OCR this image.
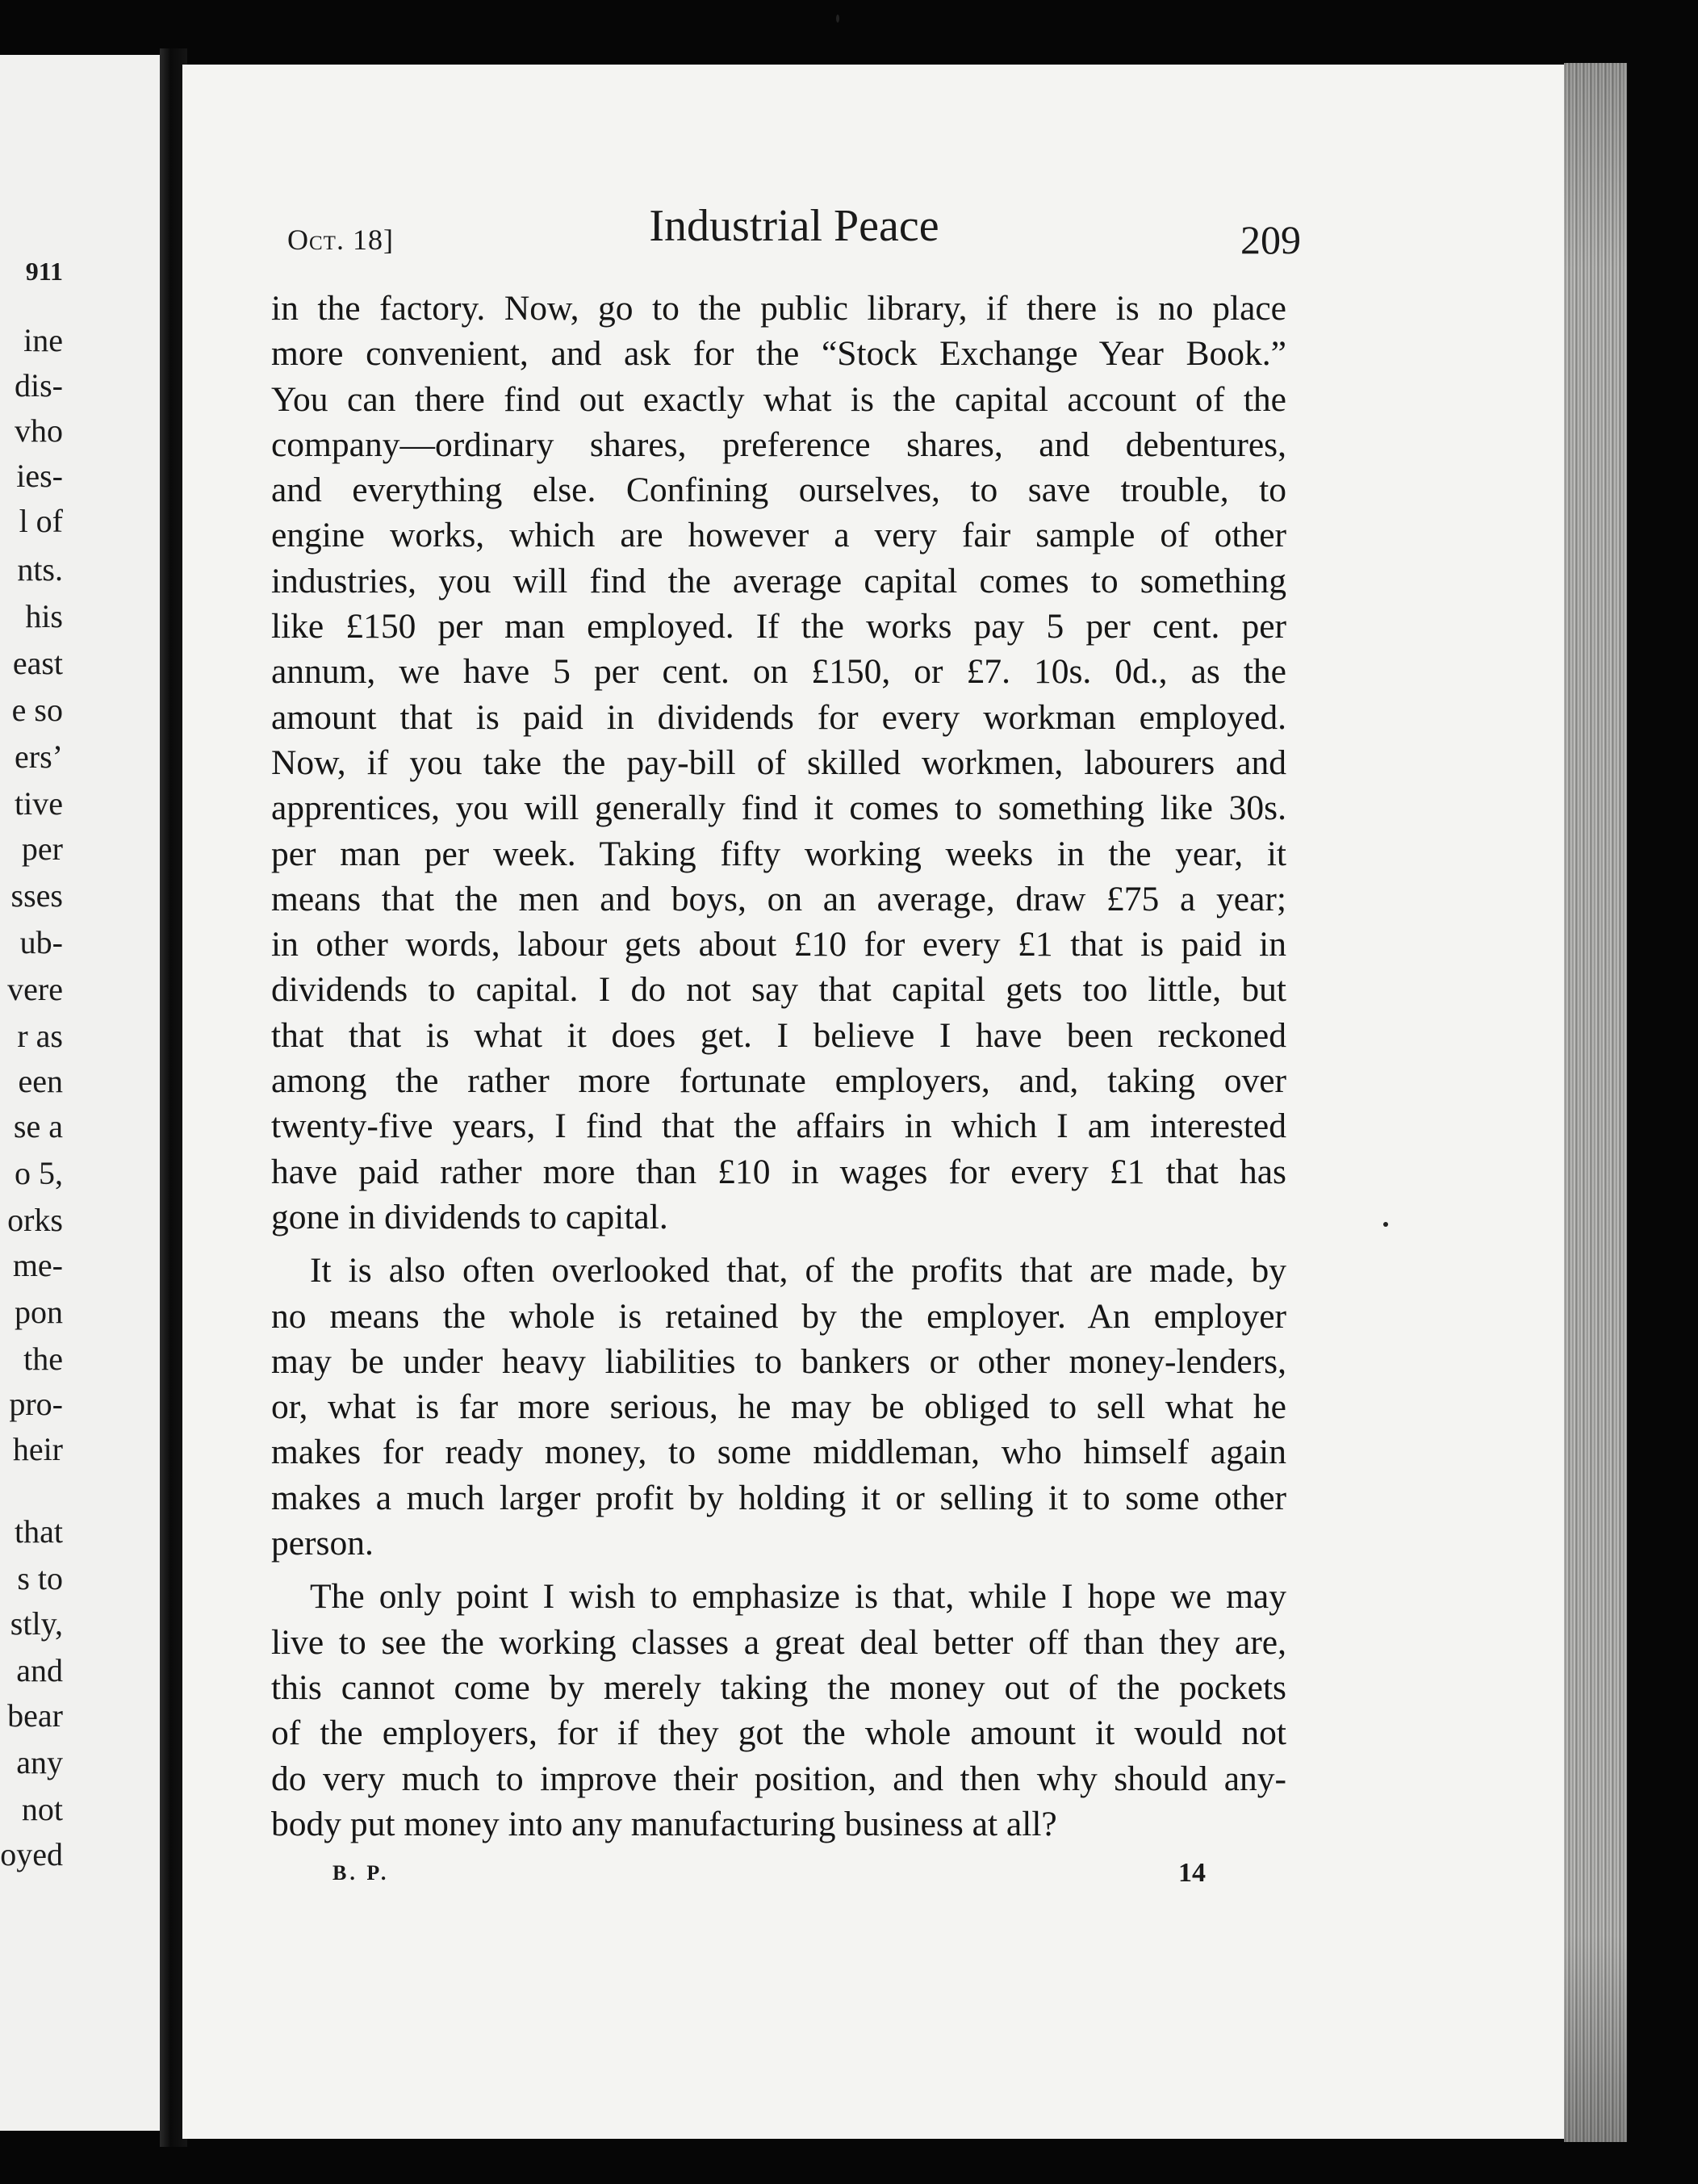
911
ine
dis-
vho
ies-
l of
nts.
his
east
e so
ers’
tive
per
sses
ub-
vere
r as
een
se a
o 5,
orks
me-
pon
the
pro-
heir
that
s to
stly,
and
bear
any
not
oyed
Oct. 18]	Industrial Peace	209
in the factory. Now, go to the public library, if there is no place
more convenient, and ask for the “Stock Exchange Year Book.”
You can there find out exactly what is the capital account of the
company—ordinary shares, preference shares, and debentures,
and everything else. Confining ourselves, to save trouble, to
engine works, which are however a very fair sample of other
industries, you will find the average capital comes to something
like £150 per man employed. If the works pay 5 per cent. per
annum, we have 5 per cent. on £150, or £7. 10s. 0d., as the
amount that is paid in dividends for every workman employed.
Now, if you take the pay-bill of skilled workmen, labourers and
apprentices, you will generally find it comes to something like 30s.
per man per week. Taking fifty working weeks in the year, it
means that the men and boys, on an average, draw £75 a year;
in other words, labour gets about £10 for every £1 that is paid in
dividends to capital. I do not say that capital gets too little, but
that that is what it does get. I believe I have been reckoned
among the rather more fortunate employers, and, taking over
twenty-five years, I find that the affairs in which I am interested
have paid rather more than £10 in wages for every £1 that has
gone in dividends to capital.
It is also often overlooked that, of the profits that are made, by
no means the whole is retained by the employer. An employer
may be under heavy liabilities to bankers or other money-lenders,
or, what is far more serious, he may be obliged to sell what he
makes for ready money, to some middleman, who himself again
makes a much larger profit by holding it or selling it to some other
person.
The only point I wish to emphasize is that, while I hope we may
live to see the working classes a great deal better off than they are,
this cannot come by merely taking the money out of the pockets
of the employers, for if they got the whole amount it would not
do very much to improve their position, and then why should any-
body put money into any manufacturing business at all?
B. P.	14
